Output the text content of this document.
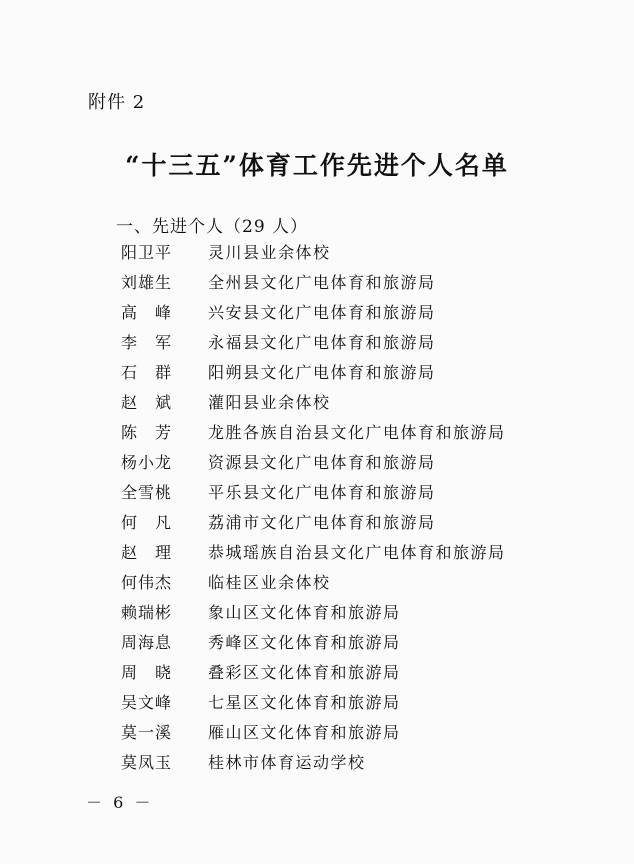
附件 2
“十三五”体育工作先进个人名单
一、先进个人（29 人）
阳卫平	灵川县业余体校
刘雄生	全州县文化广电体育和旅游局
高　峰	兴安县文化广电体育和旅游局
李　军	永福县文化广电体育和旅游局
石　群	阳朔县文化广电体育和旅游局
赵　斌	灌阳县业余体校
陈　芳	龙胜各族自治县文化广电体育和旅游局
杨小龙	资源县文化广电体育和旅游局
全雪桃	平乐县文化广电体育和旅游局
何　凡	荔浦市文化广电体育和旅游局
赵　理	恭城瑶族自治县文化广电体育和旅游局
何伟杰	临桂区业余体校
赖瑞彬	象山区文化体育和旅游局
周海息	秀峰区文化体育和旅游局
周　晓	叠彩区文化体育和旅游局
吴文峰	七星区文化体育和旅游局
莫一溪	雁山区文化体育和旅游局
莫凤玉	桂林市体育运动学校
－ 6 －
